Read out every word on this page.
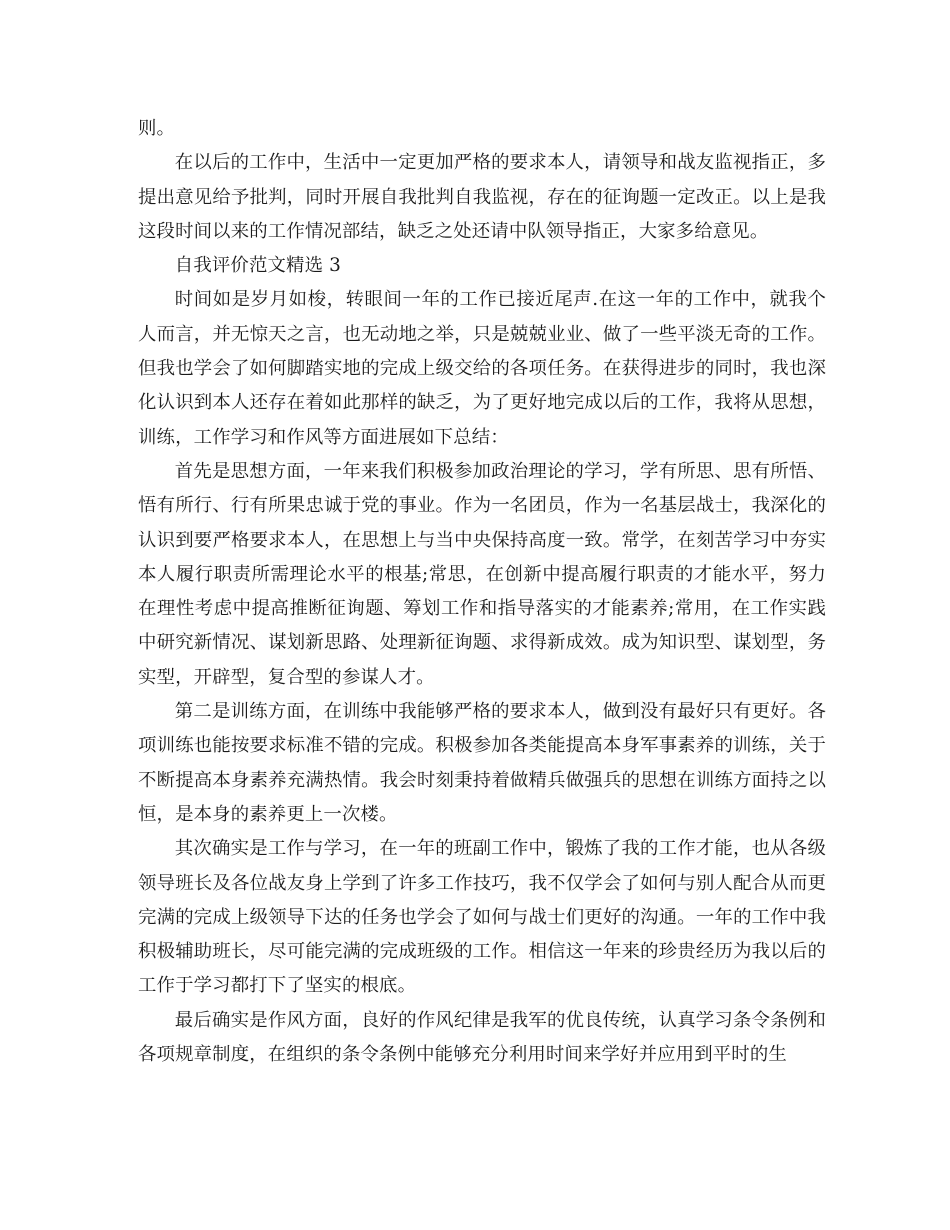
则。

在以后的工作中，生活中一定更加严格的要求本人，请领导和战友监视指正，多提出意见给予批判，同时开展自我批判自我监视，存在的征询题一定改正。以上是我这段时间以来的工作情况部结，缺乏之处还请中队领导指正，大家多给意见。

自我评价范文精选 3

时间如是岁月如梭，转眼间一年的工作已接近尾声.在这一年的工作中，就我个人而言，并无惊天之言，也无动地之举，只是兢兢业业、做了一些平淡无奇的工作。但我也学会了如何脚踏实地的完成上级交给的各项任务。在获得进步的同时，我也深化认识到本人还存在着如此那样的缺乏，为了更好地完成以后的工作，我将从思想，训练，工作学习和作风等方面进展如下总结：

首先是思想方面，一年来我们积极参加政治理论的学习，学有所思、思有所悟、悟有所行、行有所果忠诚于党的事业。作为一名团员，作为一名基层战士，我深化的认识到要严格要求本人，在思想上与当中央保持高度一致。常学，在刻苦学习中夯实本人履行职责所需理论水平的根基;常思，在创新中提高履行职责的才能水平，努力在理性考虑中提高推断征询题、筹划工作和指导落实的才能素养;常用，在工作实践中研究新情况、谋划新思路、处理新征询题、求得新成效。成为知识型、谋划型，务实型，开辟型，复合型的参谋人才。

第二是训练方面，在训练中我能够严格的要求本人，做到没有最好只有更好。各项训练也能按要求标准不错的完成。积极参加各类能提高本身军事素养的训练，关于不断提高本身素养充满热情。我会时刻秉持着做精兵做强兵的思想在训练方面持之以恒，是本身的素养更上一次楼。

其次确实是工作与学习，在一年的班副工作中，锻炼了我的工作才能，也从各级领导班长及各位战友身上学到了许多工作技巧，我不仅学会了如何与别人配合从而更完满的完成上级领导下达的任务也学会了如何与战士们更好的沟通。一年的工作中我积极辅助班长，尽可能完满的完成班级的工作。相信这一年来的珍贵经历为我以后的工作于学习都打下了坚实的根底。

最后确实是作风方面，良好的作风纪律是我军的优良传统，认真学习条令条例和各项规章制度，在组织的条令条例中能够充分利用时间来学好并应用到平时的生
